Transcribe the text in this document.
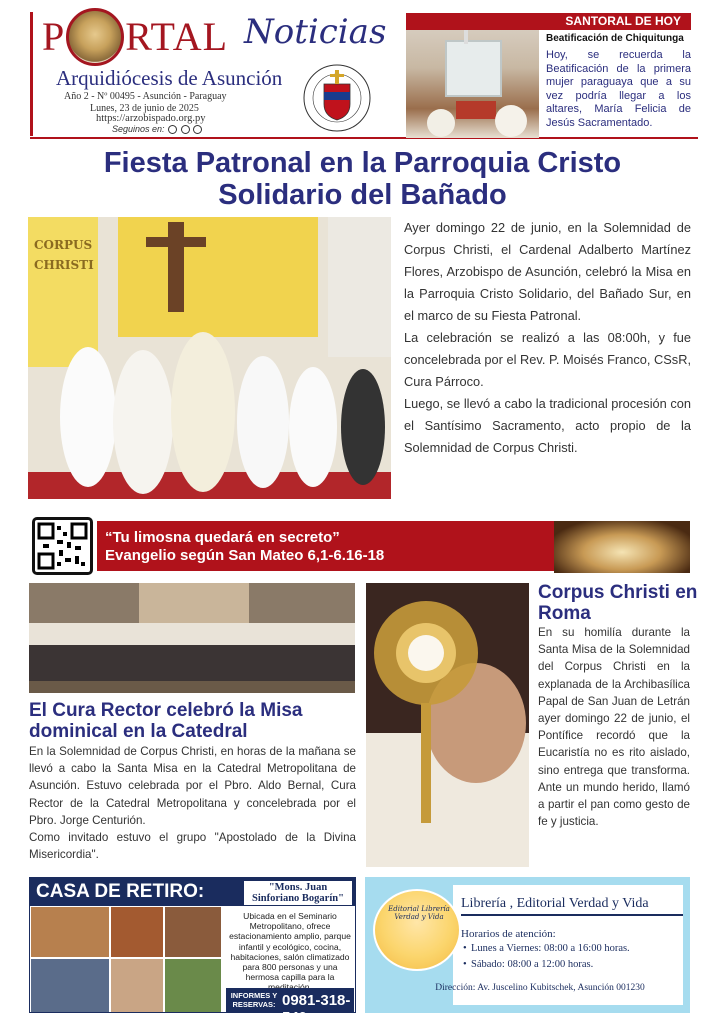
P RTAL Noticias
Arquidiócesis de Asunción
Año 2 - Nº 00495 - Asunción - Paraguay
Lunes, 23 de junio de 2025
https://arzobispado.org.py
Seguinos en:
SANTORAL DE HOY
Beatificación de Chiquitunga
Hoy, se recuerda la Beatificación de la primera mujer paraguaya que a su vez podría llegar a los altares, María Felicia de Jesús Sacramentado.
Fiesta Patronal en la Parroquia Cristo
Solidario del Bañado
CORPUS CHRISTI

Ayer domingo 22 de junio, en la Solemnidad de Corpus Christi, el Cardenal Adalberto Martínez Flores, Arzobispo de Asunción, celebró la Misa en la Parroquia Cristo Solidario, del Bañado Sur, en el marco de su Fiesta Patronal.

La celebración se realizó a las 08:00h, y fue concelebrada por el Rev. P. Moisés Franco, CSsR, Cura Párroco.

Luego, se llevó a cabo la tradicional procesión con el Santísimo Sacramento, acto propio de la Solemnidad de Corpus Christi.

“Tu limosna quedará en secreto”
Evangelio según San Mateo 6,1-6.16-18
El Cura Rector celebró la Misa dominical en la Catedral

En la Solemnidad de Corpus Christi, en horas de la mañana se llevó a cabo la Santa Misa en la Catedral Metropolitana de Asunción. Estuvo celebrada por el Pbro. Aldo Bernal, Cura Rector de la Catedral Metropolitana y concelebrada por el Pbro. Jorge Centurión.

Como invitado estuvo el grupo "Apostolado de la Divina Misericordia".

Corpus Christi en Roma
En su homilía durante la Santa Misa de la Solemnidad del Corpus Christi en la explanada de la Archibasílica Papal de San Juan de Letrán ayer domingo 22 de junio, el Pontífice recordó que la Eucaristía no es rito aislado, sino entrega que transforma. Ante un mundo herido, llamó a partir el pan como gesto de fe y justicia.
CASA DE RETIRO:	"Mons. Juan Sinforiano Bogarín"
Ubicada en el Seminario Metropolitano, ofrece estacionamiento amplio, parque infantil y ecológico, cocina, habitaciones, salón climatizado para 800 personas y una hermosa capilla para la
INFORMES Y RESERVAS: 0981-318-540
Editorial Librería Verdad y Vida
Librería , Editorial Verdad y Vida
Horarios de atención:
• Lunes a Viernes: 08:00 a 16:00 horas.
• Sábado: 08:00 a 12:00 horas.
Dirección: Av. Juscelino Kubitschek, Asunción 001230
